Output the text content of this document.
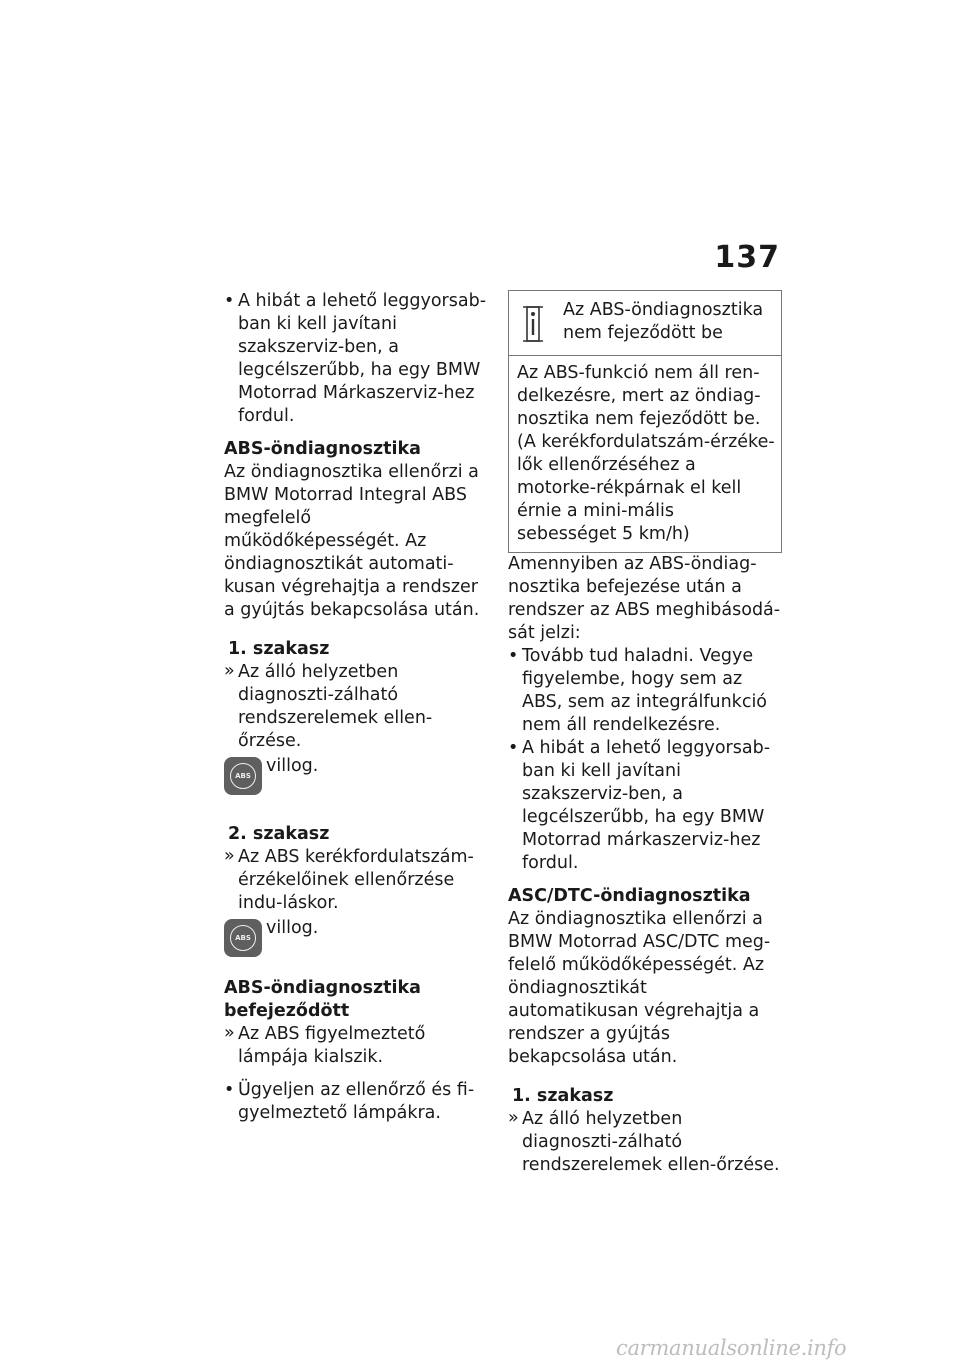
137

• A hibát a lehető leggyorsab-ban ki kell javítani szakszerviz-ben, a legcélszerűbb, ha egy BMW Motorrad Márkaszerviz-hez fordul.

ABS-öndiagnosztika

Az öndiagnosztika ellenőrzi a BMW Motorrad Integral ABS megfelelő működőképességét. Az öndiagnosztikát automati-kusan végrehajtja a rendszer a gyújtás bekapcsolása után.

1. szakasz

» Az álló helyzetben diagnoszti-zálható rendszerelemek ellen-őrzése.

ABS villog.

2. szakasz

» Az ABS kerékfordulatszám-érzékelőinek ellenőrzése indu-láskor.

ABS villog.

ABS-öndiagnosztika befejeződött

» Az ABS figyelmeztető lámpája kialszik.

• Ügyeljen az ellenőrző és fi-gyelmeztető lámpákra.

Az ABS-öndiagnosztika nem fejeződött be

Az ABS-funkció nem áll ren-delkezésre, mert az öndiag-nosztika nem fejeződött be. (A kerékfordulatszám-érzéke-lők ellenőrzéséhez a motorke-rékpárnak el kell érnie a mini-mális sebességet 5 km/h)

Amennyiben az ABS-öndiag-nosztika befejezése után a rendszer az ABS meghibásodá-sát jelzi:

• Tovább tud haladni. Vegye figyelembe, hogy sem az ABS, sem az integrálfunkció nem áll rendelkezésre.

• A hibát a lehető leggyorsab-ban ki kell javítani szakszerviz-ben, a legcélszerűbb, ha egy BMW Motorrad márkaszerviz-hez fordul.

ASC/DTC-öndiagnosztika

Az öndiagnosztika ellenőrzi a BMW Motorrad ASC/DTC meg-felelő működőképességét. Az öndiagnosztikát automatikusan végrehajtja a rendszer a gyújtás bekapcsolása után.

1. szakasz

» Az álló helyzetben diagnoszti-zálható rendszerelemek ellen-őrzése.

carmanualsonline.info
